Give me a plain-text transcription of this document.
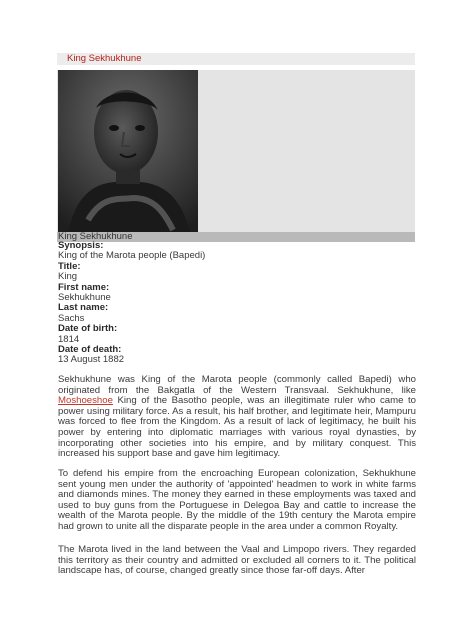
King Sekhukhune
King Sekhukhune
Synopsis:
King of the Marota people (Bapedi)
Title:
King
First name:
Sekhukhune
Last name:
Sachs
Date of birth:
1814
Date of death:
13 August 1882

Sekhukhune was King of the Marota people (commonly called Bapedi) who originated from the Bakgatla of the Western Transvaal. Sekhukhune, like Moshoeshoe King of the Basotho people, was an illegitimate ruler who came to power using military force. As a result, his half brother, and legitimate heir, Mampuru was forced to flee from the Kingdom. As a result of lack of legitimacy, he built his power by entering into diplomatic marriages with various royal dynasties, by incorporating other societies into his empire, and by military conquest. This increased his support base and gave him legitimacy.

To defend his empire from the encroaching European colonization, Sekhukhune sent young men under the authority of 'appointed' headmen to work in white farms and diamonds mines. The money they earned in these employments was taxed and used to buy guns from the Portuguese in Delegoa Bay and cattle to increase the wealth of the Marota people. By the middle of the 19th century the Marota empire had grown to unite all the disparate people in the area under a common Royalty.

The Marota lived in the land between the Vaal and Limpopo rivers. They regarded this territory as their country and admitted or excluded all corners to it. The political landscape has, of course, changed greatly since those far-off days. After
